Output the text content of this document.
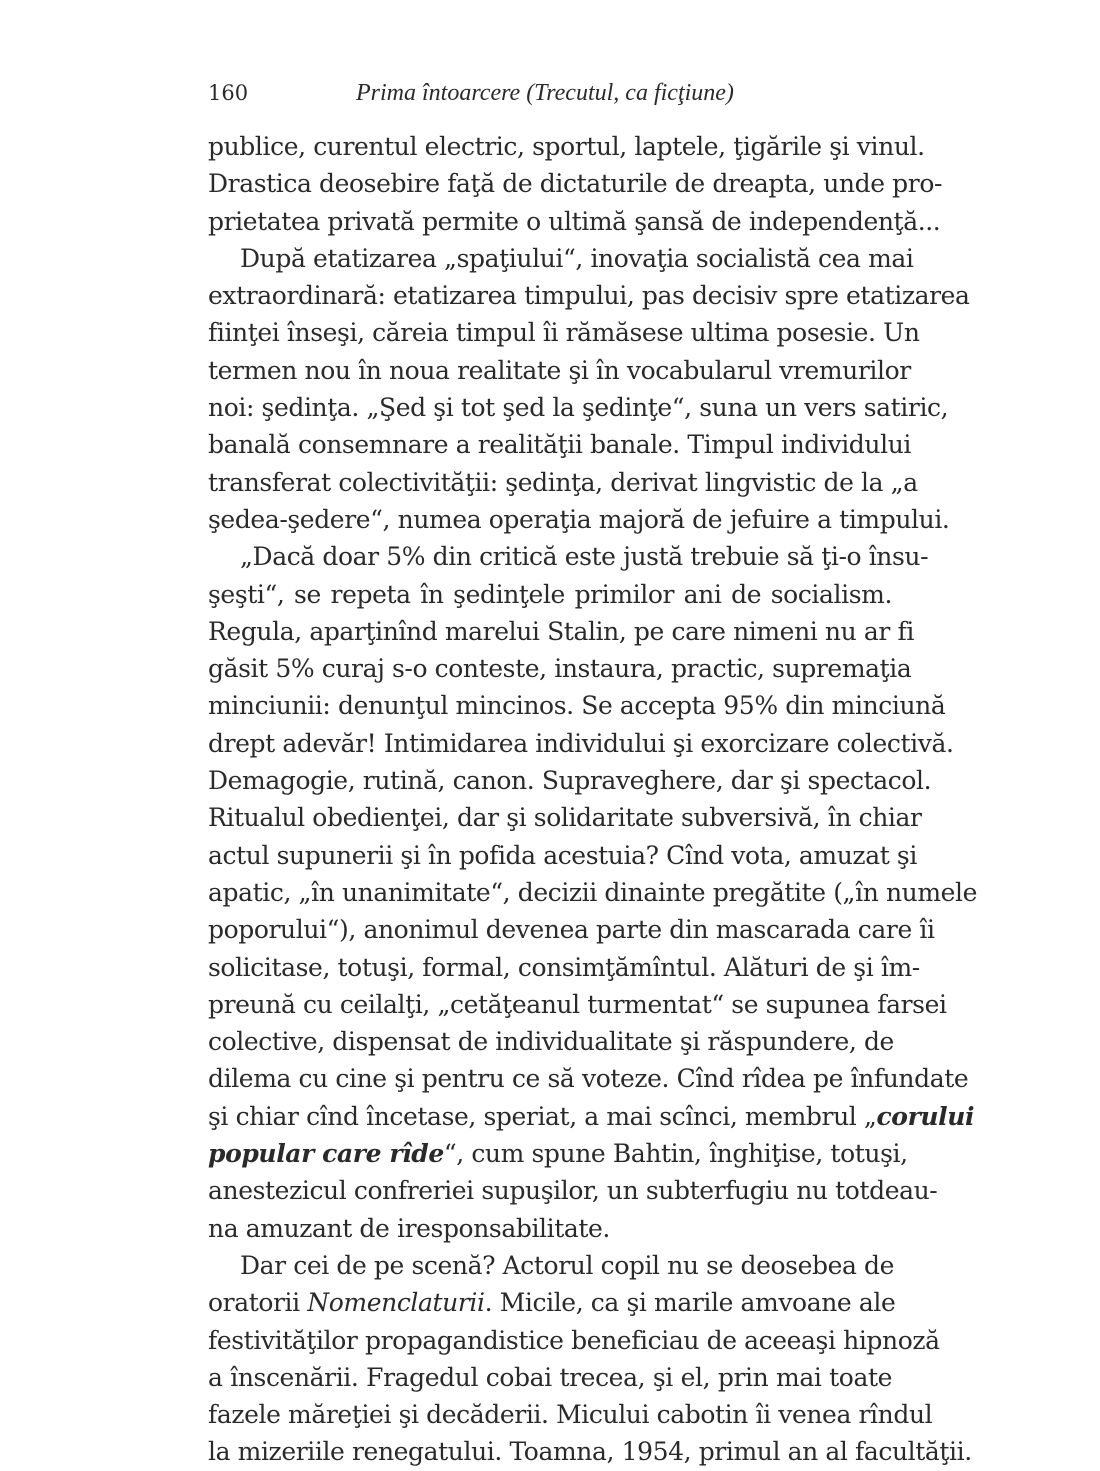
160	Prima întoarcere (Trecutul, ca ficţiune)
publice, curentul electric, sportul, laptele, ţigările şi vinul.
Drastica deosebire faţă de dictaturile de dreapta, unde pro-
prietatea privată permite o ultimă şansă de independenţă...
După etatizarea „spaţiului“, inovaţia socialistă cea mai
extraordinară: etatizarea timpului, pas decisiv spre etatizarea
fiinţei înseşi, căreia timpul îi rămăsese ultima posesie. Un
termen nou în noua realitate şi în vocabularul vremurilor
noi: şedinţa. „Şed şi tot şed la şedinţe“, suna un vers satiric,
banală consemnare a realităţii banale. Timpul individului
transferat colectivităţii: şedinţa, derivat lingvistic de la „a
şedea-şedere“, numea operaţia majoră de jefuire a timpului.
„Dacă doar 5% din critică este justă trebuie să ţi-o însu-
şeşti“, se repeta în şedinţele primilor ani de socialism.
Regula, aparţinînd marelui Stalin, pe care nimeni nu ar fi
găsit 5% curaj s-o conteste, instaura, practic, supremaţia
minciunii: denunţul mincinos. Se accepta 95% din minciună
drept adevăr! Intimidarea individului şi exorcizare colectivă.
Demagogie, rutină, canon. Supraveghere, dar şi spectacol.
Ritualul obedienţei, dar şi solidaritate subversivă, în chiar
actul supunerii şi în pofida acestuia? Cînd vota, amuzat şi
apatic, „în unanimitate“, decizii dinainte pregătite („în numele
poporului“), anonimul devenea parte din mascarada care îi
solicitase, totuşi, formal, consimţămîntul. Alături de şi îm-
preună cu ceilalţi, „cetăţeanul turmentat“ se supunea farsei
colective, dispensat de individualitate şi răspundere, de
dilema cu cine şi pentru ce să voteze. Cînd rîdea pe înfundate
şi chiar cînd încetase, speriat, a mai scînci, membrul „corului
popular care rîde“, cum spune Bahtin, înghiţise, totuşi,
anestezicul confreriei supuşilor, un subterfugiu nu totdeau-
na amuzant de iresponsabilitate.
Dar cei de pe scenă? Actorul copil nu se deosebea de
oratorii Nomenclaturii. Micile, ca şi marile amvoane ale
festivităţilor propagandistice beneficiau de aceeaşi hipnoză
a înscenării. Fragedul cobai trecea, şi el, prin mai toate
fazele măreţiei şi decăderii. Micului cabotin îi venea rîndul
la mizeriile renegatului. Toamna, 1954, primul an al facultăţii.
